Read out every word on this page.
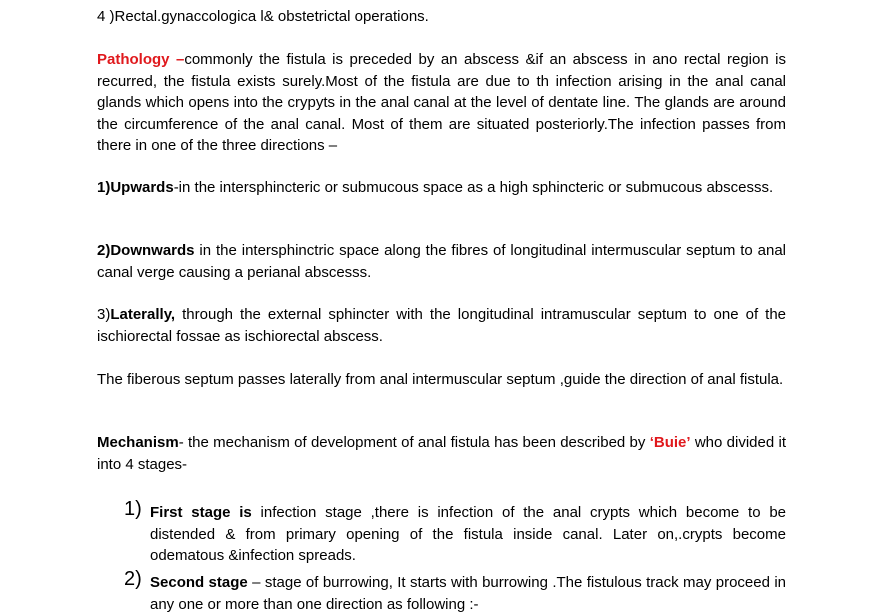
4 )Rectal.gynaccologica l& obstetrictal operations.

Pathology –commonly the fistula is preceded by an abscess &if an abscess in ano rectal region is recurred, the fistula exists surely.Most of the fistula are due to th infection arising in the anal canal glands which opens into the crypyts in the anal canal at the level of dentate line. The glands are around the circumference of the anal canal. Most of them are situated posteriorly.The infection passes from there in one of the three directions –

1)Upwards-in the intersphincteric or submucous space as a high sphincteric or submucous abscesss.

2)Downwards in the intersphinctric space along the fibres of longitudinal intermuscular septum to anal canal verge causing a perianal abscesss.

3)Laterally, through the external sphincter with the longitudinal intramuscular septum to one of the ischiorectal fossae as ischiorectal abscess.

The fiberous septum passes laterally from anal intermuscular septum ,guide the direction of anal fistula.

Mechanism- the mechanism of development of anal fistula has been described by ‘Buie’ who divided it into 4 stages-

1) First stage is infection stage ,there is infection of the anal crypts which become to be distended & from primary opening of the fistula inside canal. Later on,.crypts become odematous &infection spreads.
2) Second stage – stage of burrowing, It starts with burrowing .The fistulous track may proceed in any one or more than one direction as following :-
